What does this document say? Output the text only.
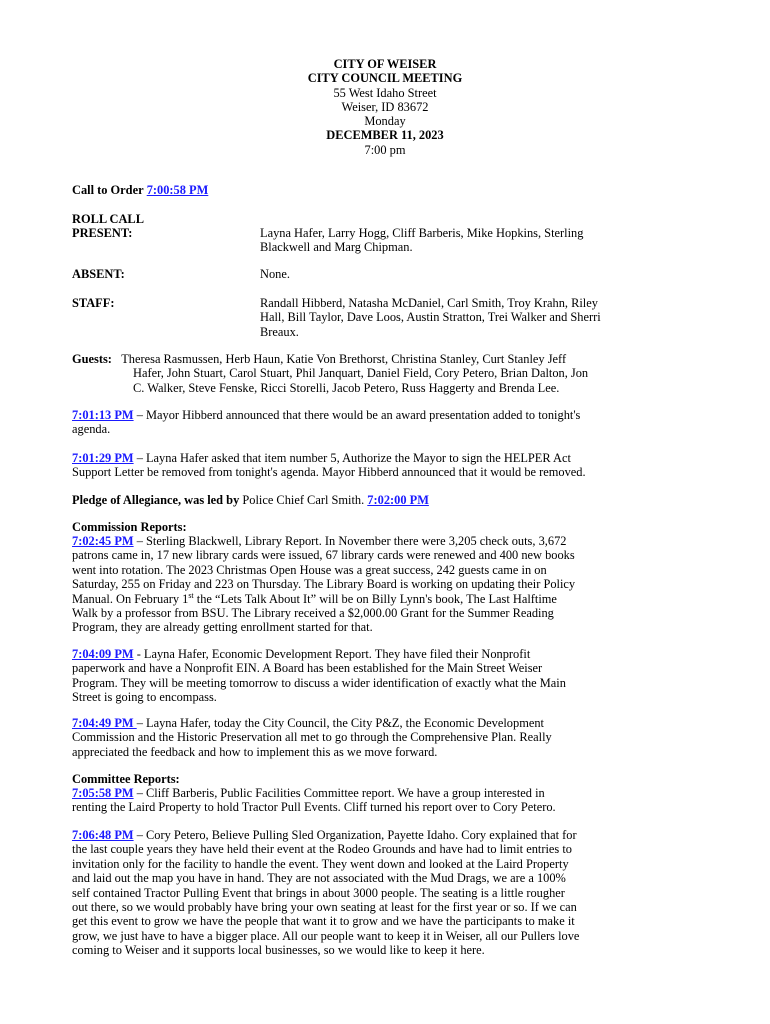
CITY OF WEISER
CITY COUNCIL MEETING
55 West Idaho Street
Weiser, ID 83672
Monday
DECEMBER 11, 2023
7:00 pm
Call to Order 7:00:58 PM
ROLL CALL
PRESENT:	Layna Hafer, Larry Hogg, Cliff Barberis, Mike Hopkins, Sterling
Blackwell and Marg Chipman.
ABSENT:	None.
STAFF:	Randall Hibberd, Natasha McDaniel, Carl Smith, Troy Krahn, Riley
Hall, Bill Taylor, Dave Loos, Austin Stratton, Trei Walker and Sherri
Breaux.
Guests: Theresa Rasmussen, Herb Haun, Katie Von Brethorst, Christina Stanley, Curt Stanley Jeff
Hafer, John Stuart, Carol Stuart, Phil Janquart, Daniel Field, Cory Petero, Brian Dalton, Jon
C. Walker, Steve Fenske, Ricci Storelli, Jacob Petero, Russ Haggerty and Brenda Lee.
7:01:13 PM – Mayor Hibberd announced that there would be an award presentation added to tonight's
agenda.
7:01:29 PM – Layna Hafer asked that item number 5, Authorize the Mayor to sign the HELPER Act
Support Letter be removed from tonight's agenda. Mayor Hibberd announced that it would be removed.
Pledge of Allegiance, was led by Police Chief Carl Smith. 7:02:00 PM
Commission Reports:
7:02:45 PM – Sterling Blackwell, Library Report. In November there were 3,205 check outs, 3,672
patrons came in, 17 new library cards were issued, 67 library cards were renewed and 400 new books
went into rotation. The 2023 Christmas Open House was a great success, 242 guests came in on
Saturday, 255 on Friday and 223 on Thursday. The Library Board is working on updating their Policy
Manual. On February 1st the “Lets Talk About It” will be on Billy Lynn's book, The Last Halftime
Walk by a professor from BSU. The Library received a $2,000.00 Grant for the Summer Reading
Program, they are already getting enrollment started for that.
7:04:09 PM - Layna Hafer, Economic Development Report. They have filed their Nonprofit
paperwork and have a Nonprofit EIN. A Board has been established for the Main Street Weiser
Program. They will be meeting tomorrow to discuss a wider identification of exactly what the Main
Street is going to encompass.
7:04:49 PM – Layna Hafer, today the City Council, the City P&Z, the Economic Development
Commission and the Historic Preservation all met to go through the Comprehensive Plan. Really
appreciated the feedback and how to implement this as we move forward.
Committee Reports:
7:05:58 PM – Cliff Barberis, Public Facilities Committee report. We have a group interested in
renting the Laird Property to hold Tractor Pull Events. Cliff turned his report over to Cory Petero.
7:06:48 PM – Cory Petero, Believe Pulling Sled Organization, Payette Idaho. Cory explained that for
the last couple years they have held their event at the Rodeo Grounds and have had to limit entries to
invitation only for the facility to handle the event. They went down and looked at the Laird Property
and laid out the map you have in hand. They are not associated with the Mud Drags, we are a 100%
self contained Tractor Pulling Event that brings in about 3000 people. The seating is a little rougher
out there, so we would probably have bring your own seating at least for the first year or so. If we can
get this event to grow we have the people that want it to grow and we have the participants to make it
grow, we just have to have a bigger place. All our people want to keep it in Weiser, all our Pullers love
coming to Weiser and it supports local businesses, so we would like to keep it here.
